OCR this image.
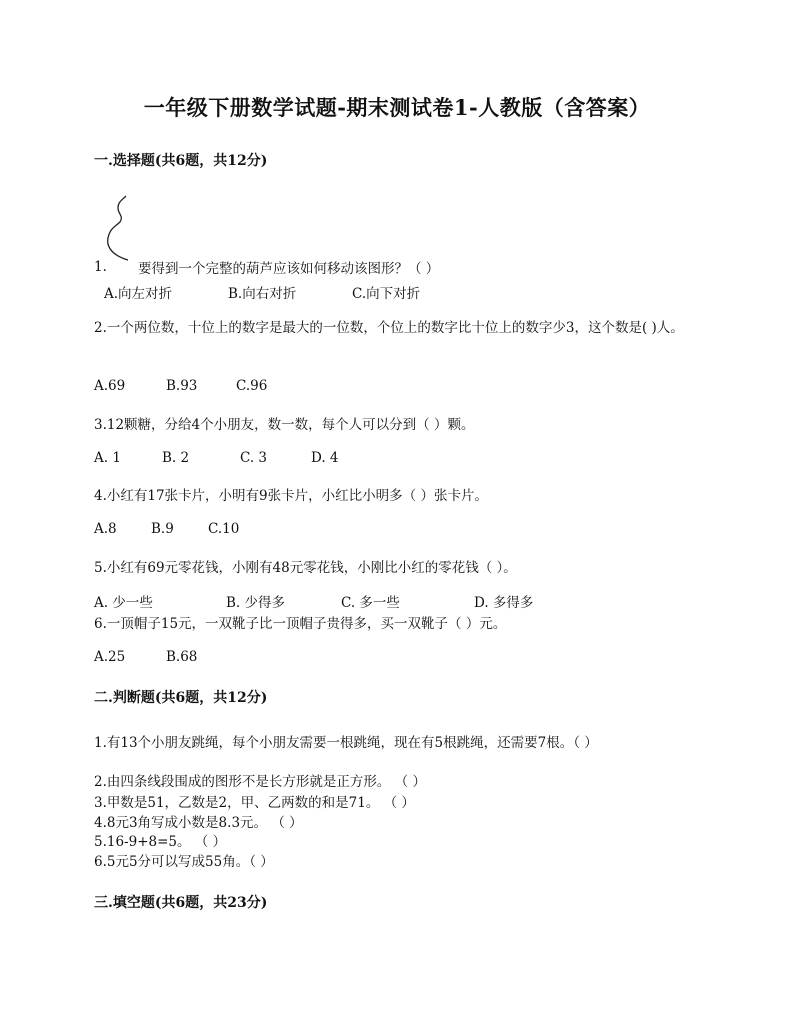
一年级下册数学试题-期末测试卷1-人教版（含答案）
一.选择题(共6题，共12分)
1. 要得到一个完整的葫芦应该如何移动该图形？（ ）
A.向左对折	B.向右对折	C.向下对折
2.一个两位数，十位上的数字是最大的一位数，个位上的数字比十位上的数字少3，这个数是( )人。
A.69	B.93	C.96
3.12颗糖，分给4个小朋友，数一数，每个人可以分到（ ）颗。
A. 1	B. 2	C. 3	D. 4
4.小红有17张卡片，小明有9张卡片，小红比小明多（ ）张卡片。
A.8	B.9	C.10
5.小红有69元零花钱，小刚有48元零花钱，小刚比小红的零花钱（ ）。
A. 少一些	B. 少得多	C. 多一些	D. 多得多
6.一顶帽子15元，一双靴子比一顶帽子贵得多，买一双靴子（ ）元。
A.25	B.68
二.判断题(共6题，共12分)
1.有13个小朋友跳绳，每个小朋友需要一根跳绳，现在有5根跳绳，还需要7根。（ ）
2.由四条线段围成的图形不是长方形就是正方形。 （ ）
3.甲数是51，乙数是2，甲、乙两数的和是71。 （ ）
4.8元3角写成小数是8.3元。 （ ）
5.16-9+8=5。 （ ）
6.5元5分可以写成55角。（ ）
三.填空题(共6题，共23分)
